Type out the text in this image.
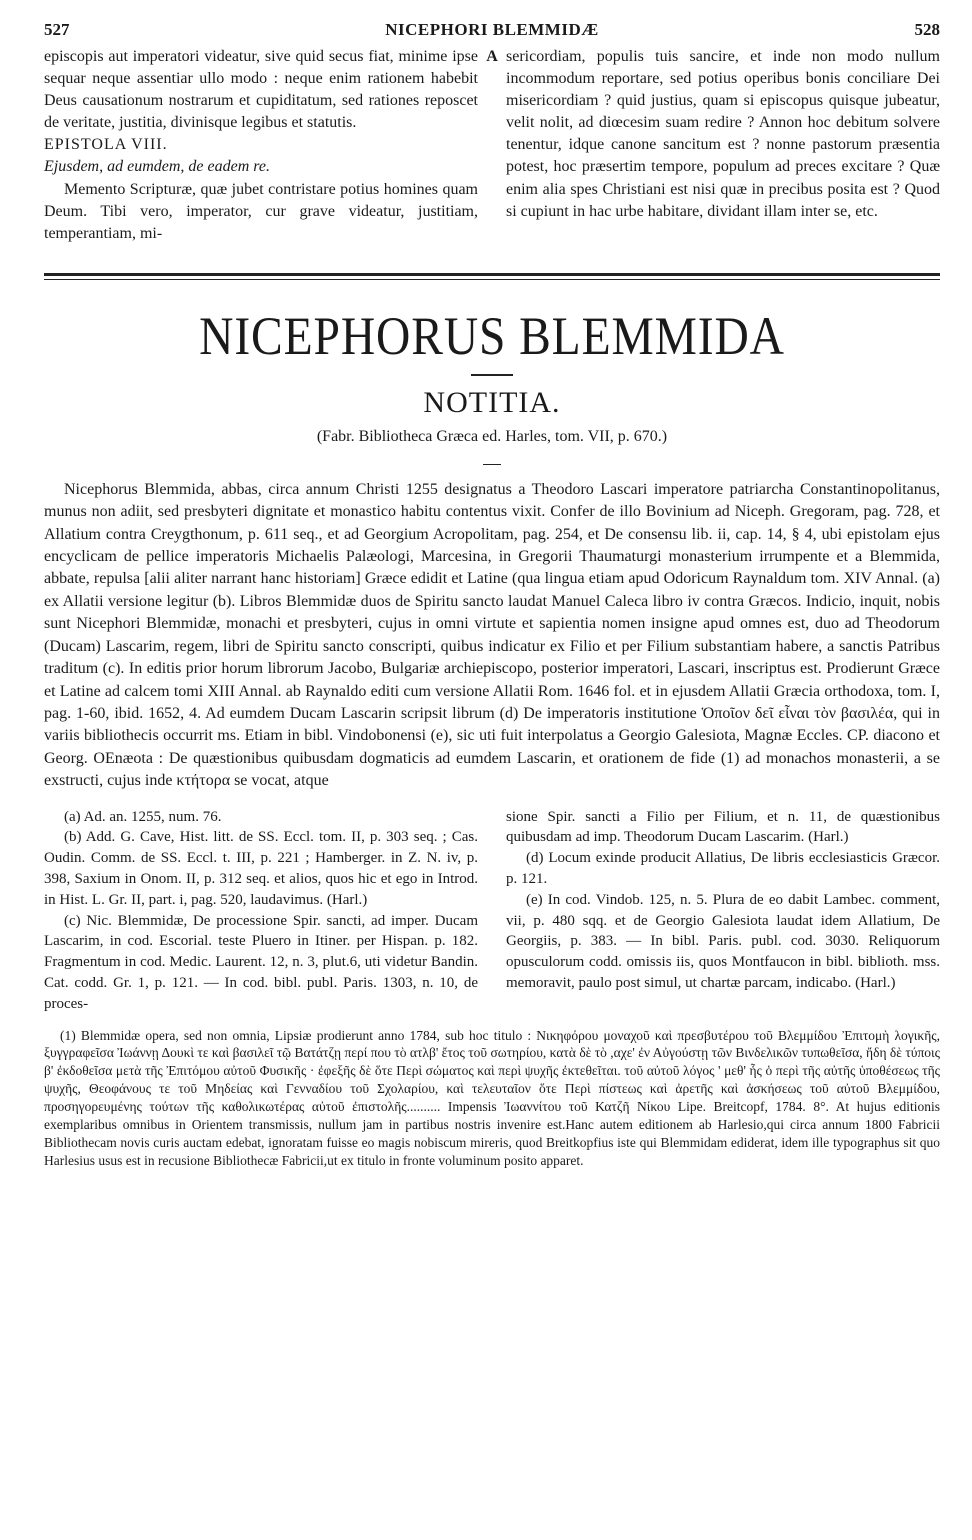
527	NICEPHORI BLEMMIDÆ	528

episcopis aut imperatori videatur, sive quid secus fiat, minime ipse sequar neque assentiar ullo modo : neque enim rationem habebit Deus causationum nostrarum et cupiditatum, sed rationes reposcet de veritate, justitia, divinisque legibus et statutis.

EPISTOLA VIII.

Ejusdem, ad eumdem, de eadem re.

Memento Scripturæ, quæ jubet contristare potius homines quam Deum. Tibi vero, imperator, cur grave videatur, justitiam, temperantiam, mi-

A sericordiam, populis tuis sancire, et inde non modo nullum incommodum reportare, sed potius operibus bonis conciliare Dei misericordiam ? quid justius, quam si episcopus quisque jubeatur, velit nolit, ad diœcesim suam redire ? Annon hoc debitum solvere tenentur, idque canone sancitum est ? nonne pastorum præsentia potest, hoc præsertim tempore, populum ad preces excitare ? Quæ enim alia spes Christiani est nisi quæ in precibus posita est ? Quod si cupiunt in hac urbe habitare, dividant illam inter se, etc.

NICEPHORUS BLEMMIDA
NOTITIA.
(Fabr. Bibliotheca Græca ed. Harles, tom. VII, p. 670.)

Nicephorus Blemmida, abbas, circa annum Christi 1255 designatus a Theodoro Lascari imperatore patriarcha Constantinopolitanus, munus non adiit, sed presbyteri dignitate et monastico habitu contentus vixit. Confer de illo Bovinium ad Niceph. Gregoram, pag. 728, et Allatium contra Creygthonum, p. 611 seq., et ad Georgium Acropolitam, pag. 254, et De consensu lib. ii, cap. 14, § 4, ubi epistolam ejus encyclicam de pellice imperatoris Michaelis Palæologi, Marcesina, in Gregorii Thaumaturgi monasterium irrumpente et a Blemmida, abbate, repulsa [alii aliter narrant hanc historiam] Græce edidit et Latine (qua lingua etiam apud Odoricum Raynaldum tom. XIV Annal. (a) ex Allatii versione legitur (b). Libros Blemmidæ duos de Spiritu sancto laudat Manuel Caleca libro iv contra Græcos. Indicio, inquit, nobis sunt Nicephori Blemmidæ, monachi et presbyteri, cujus in omni virtute et sapientia nomen insigne apud omnes est, duo ad Theodorum (Ducam) Lascarim, regem, libri de Spiritu sancto conscripti, quibus indicatur ex Filio et per Filium substantiam habere, a sanctis Patribus traditum (c). In editis prior horum librorum Jacobo, Bulgariæ archiepiscopo, posterior imperatori, Lascari, inscriptus est. Prodierunt Græce et Latine ad calcem tomi XIII Annal. ab Raynaldo editi cum versione Allatii Rom. 1646 fol. et in ejusdem Allatii Græcia orthodoxa, tom. I, pag. 1-60, ibid. 1652, 4. Ad eumdem Ducam Lascarin scripsit librum (d) De imperatoris institutione Ὁποῖον δεῖ εἶναι τὸν βασιλέα, qui in variis bibliothecis occurrit ms. Etiam in bibl. Vindobonensi (e), sic uti fuit interpolatus a Georgio Galesiota, Magnæ Eccles. CP. diacono et Georg. OEnæota : De quæstionibus quibusdam dogmaticis ad eumdem Lascarin, et orationem de fide (1) ad monachos monasterii, a se exstructi, cujus inde κτήτορα se vocat, atque

(a) Ad. an. 1255, num. 76.

(b) Add. G. Cave, Hist. litt. de SS. Eccl. tom. II, p. 303 seq. ; Cas. Oudin. Comm. de SS. Eccl. t. III, p. 221 ; Hamberger. in Z. N. iv, p. 398, Saxium in Onom. II, p. 312 seq. et alios, quos hic et ego in Introd. in Hist. L. Gr. II, part. i, pag. 520, laudavimus. (Harl.)

(c) Nic. Blemmidæ, De processione Spir. sancti, ad imper. Ducam Lascarim, in cod. Escorial. teste Pluero in Itiner. per Hispan. p. 182. Fragmentum in cod. Medic. Laurent. 12, n. 3, plut.6, uti videtur Bandin. Cat. codd. Gr. 1, p. 121. — In cod. bibl. publ. Paris. 1303, n. 10, de proces-

sione Spir. sancti a Filio per Filium, et n. 11, de quæstionibus quibusdam ad imp. Theodorum Ducam Lascarim. (Harl.)

(d) Locum exinde producit Allatius, De libris ecclesiasticis Græcor. p. 121.

(e) In cod. Vindob. 125, n. 5. Plura de eo dabit Lambec. comment, vii, p. 480 sqq. et de Georgio Galesiota laudat idem Allatium, De Georgiis, p. 383. — In bibl. Paris. publ. cod. 3030. Reliquorum opusculorum codd. omissis iis, quos Montfaucon in bibl. biblioth. mss. memoravit, paulo post simul, ut chartæ parcam, indicabo. (Harl.)

(1) Blemmidæ opera, sed non omnia, Lipsiæ prodierunt anno 1784, sub hoc titulo : Νικηφόρου μοναχοῦ καὶ πρεσβυτέρου τοῦ Βλεμμίδου Ἐπιτομὴ λογικῆς, ξυγγραφεῖσα Ἰωάννῃ Δουκὶ τε καὶ βασιλεῖ τῷ Βατάτζῃ περί που τὸ ατλβ' ἔτος τοῦ σωτηρίου, κατὰ δὲ τὸ ,αχε' ἐν Αὐγούστῃ τῶν Βινδελικῶν τυπωθεῖσα, ἤδη δὲ τύποις β' ἐκδοθεῖσα μετὰ τῆς Ἐπιτόμου αὐτοῦ Φυσικῆς · ἐφεξῆς δὲ ὅτε Περὶ σώματος καὶ περὶ ψυχῆς ἐκτεθεῖται. τοῦ αὐτοῦ λόγος ' μεθ' ἧς ὁ περὶ τῆς αὐτῆς ὑποθέσεως τῆς ψυχῆς, Θεοφάνους τε τοῦ Μηδείας καὶ Γενναδίου τοῦ Σχολαρίου, καὶ τελευταῖον ὅτε Περὶ πίστεως καὶ ἀρετῆς καὶ ἀσκήσεως τοῦ αὐτοῦ Βλεμμίδου, προσηγορευμένης τούτων τῆς καθολικωτέρας αὐτοῦ ἐπιστολῆς.......... Impensis Ἰωαννίτου τοῦ Κατζῆ Νίκου Lipe. Breitcopf, 1784. 8°. At hujus editionis exemplaribus omnibus in Orientem transmissis, nullum jam in partibus nostris invenire est.Hanc autem editionem ab Harlesio,qui circa annum 1800 Fabricii Bibliothecam novis curis auctam edebat, ignoratam fuisse eo magis nobiscum mireris, quod Breitkopfius iste qui Blemmidam ediderat, idem ille typographus sit quo Harlesius usus est in recusione Bibliothecæ Fabricii,ut ex titulo in fronte voluminum posito apparet.
